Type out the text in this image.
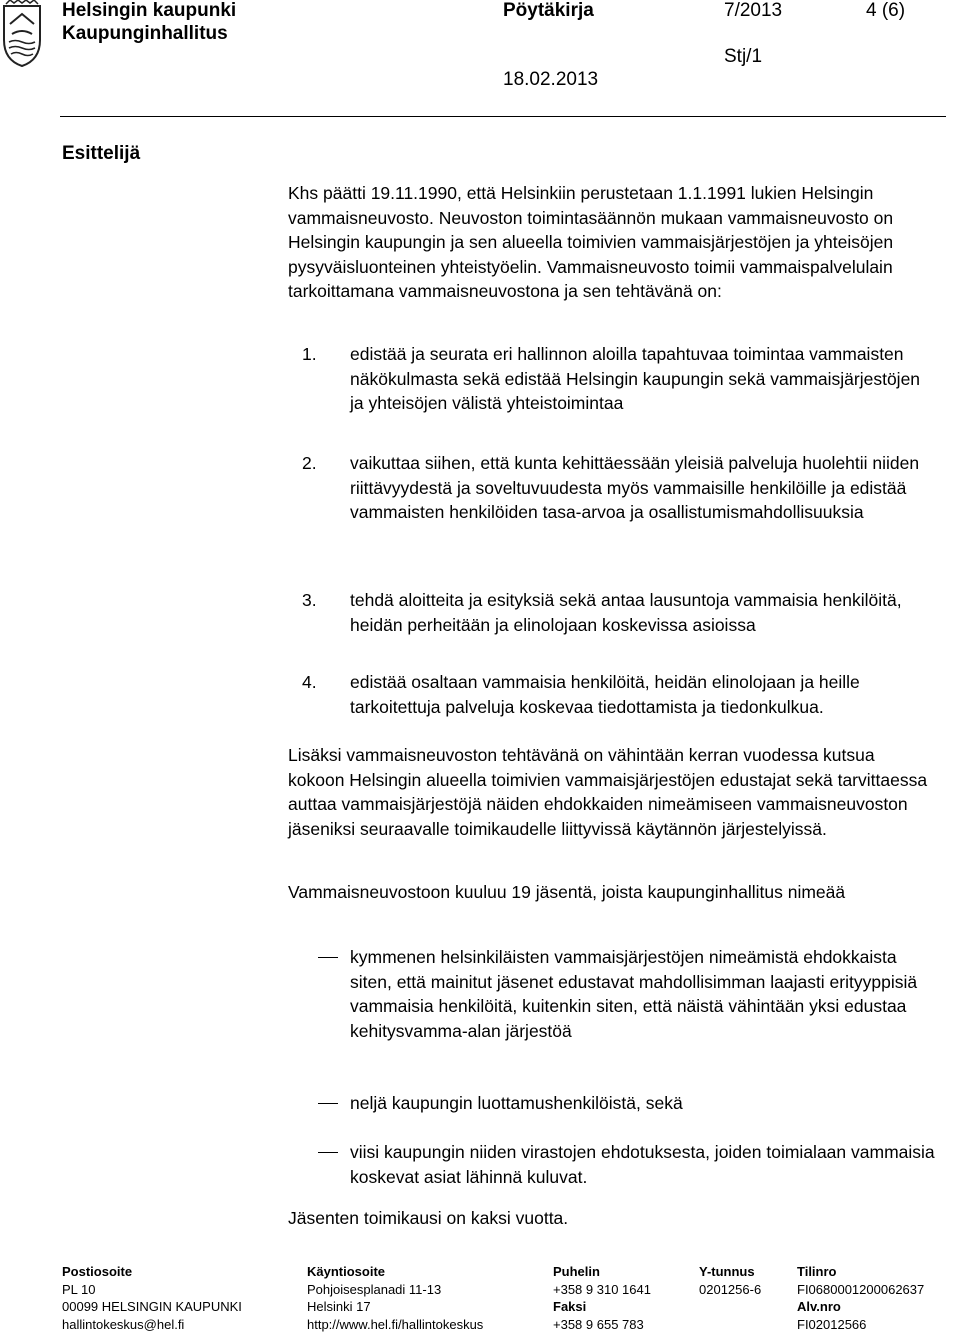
Helsingin kaupunki
Kaupunginhallitus
Pöytäkirja	7/2013	4 (6)
Stj/1
18.02.2013
Esittelijä
Khs päätti 19.11.1990, että Helsinkiin perustetaan 1.1.1991 lukien Helsingin vammaisneuvosto. Neuvoston toimintasäännön mukaan vammaisneuvosto on Helsingin kaupungin ja sen alueella toimivien vammaisjärjestöjen ja yhteisöjen pysyväisluonteinen yhteistyöelin. Vammaisneuvosto toimii vammaispalvelulain tarkoittamana vammaisneuvostona ja sen tehtävänä on:
1. edistää ja seurata eri hallinnon aloilla tapahtuvaa toimintaa vammaisten näkökulmasta sekä edistää Helsingin kaupungin sekä vammaisjärjestöjen ja yhteisöjen välistä yhteistoimintaa
2. vaikuttaa siihen, että kunta kehittäessään yleisiä palveluja huolehtii niiden riittävyydestä ja soveltuvuudesta myös vammaisille henkilöille ja edistää vammaisten henkilöiden tasa-arvoa ja osallistumismahdollisuuksia
3. tehdä aloitteita ja esityksiä sekä antaa lausuntoja vammaisia henkilöitä, heidän perheitään ja elinolojaan koskevissa asioissa
4. edistää osaltaan vammaisia henkilöitä, heidän elinolojaan ja heille tarkoitettuja palveluja koskevaa tiedottamista ja tiedonkulkua.
Lisäksi vammaisneuvoston tehtävänä on vähintään kerran vuodessa kutsua kokoon Helsingin alueella toimivien vammaisjärjestöjen edustajat sekä tarvittaessa auttaa vammaisjärjestöjä näiden ehdokkaiden nimeämiseen vammaisneuvoston jäseniksi seuraavalle toimikaudelle liittyvissä käytännön järjestelyissä.
Vammaisneuvostoon kuuluu 19 jäsentä, joista kaupunginhallitus nimeää
kymmenen helsinkiläisten vammaisjärjestöjen nimeämistä ehdokkaista siten, että mainitut jäsenet edustavat mahdollisimman laajasti erityyppisiä vammaisia henkilöitä, kuitenkin siten, että näistä vähintään yksi edustaa kehitysvamma-alan järjestöä
neljä kaupungin luottamushenkilöistä, sekä
viisi kaupungin niiden virastojen ehdotuksesta, joiden toimialaan vammaisia koskevat asiat lähinnä kuluvat.
Jäsenten toimikausi on kaksi vuotta.
Postiosoite
PL 10
00099 HELSINGIN KAUPUNKI
hallintokeskus@hel.fi
Käyntiosoite
Pohjoisesplanadi 11-13
Helsinki 17
http://www.hel.fi/hallintokeskus
Puhelin
+358 9 310 1641
Faksi
+358 9 655 783
Y-tunnus
0201256-6
Tilinro
FI0680001200062637
Alv.nro
FI02012566
